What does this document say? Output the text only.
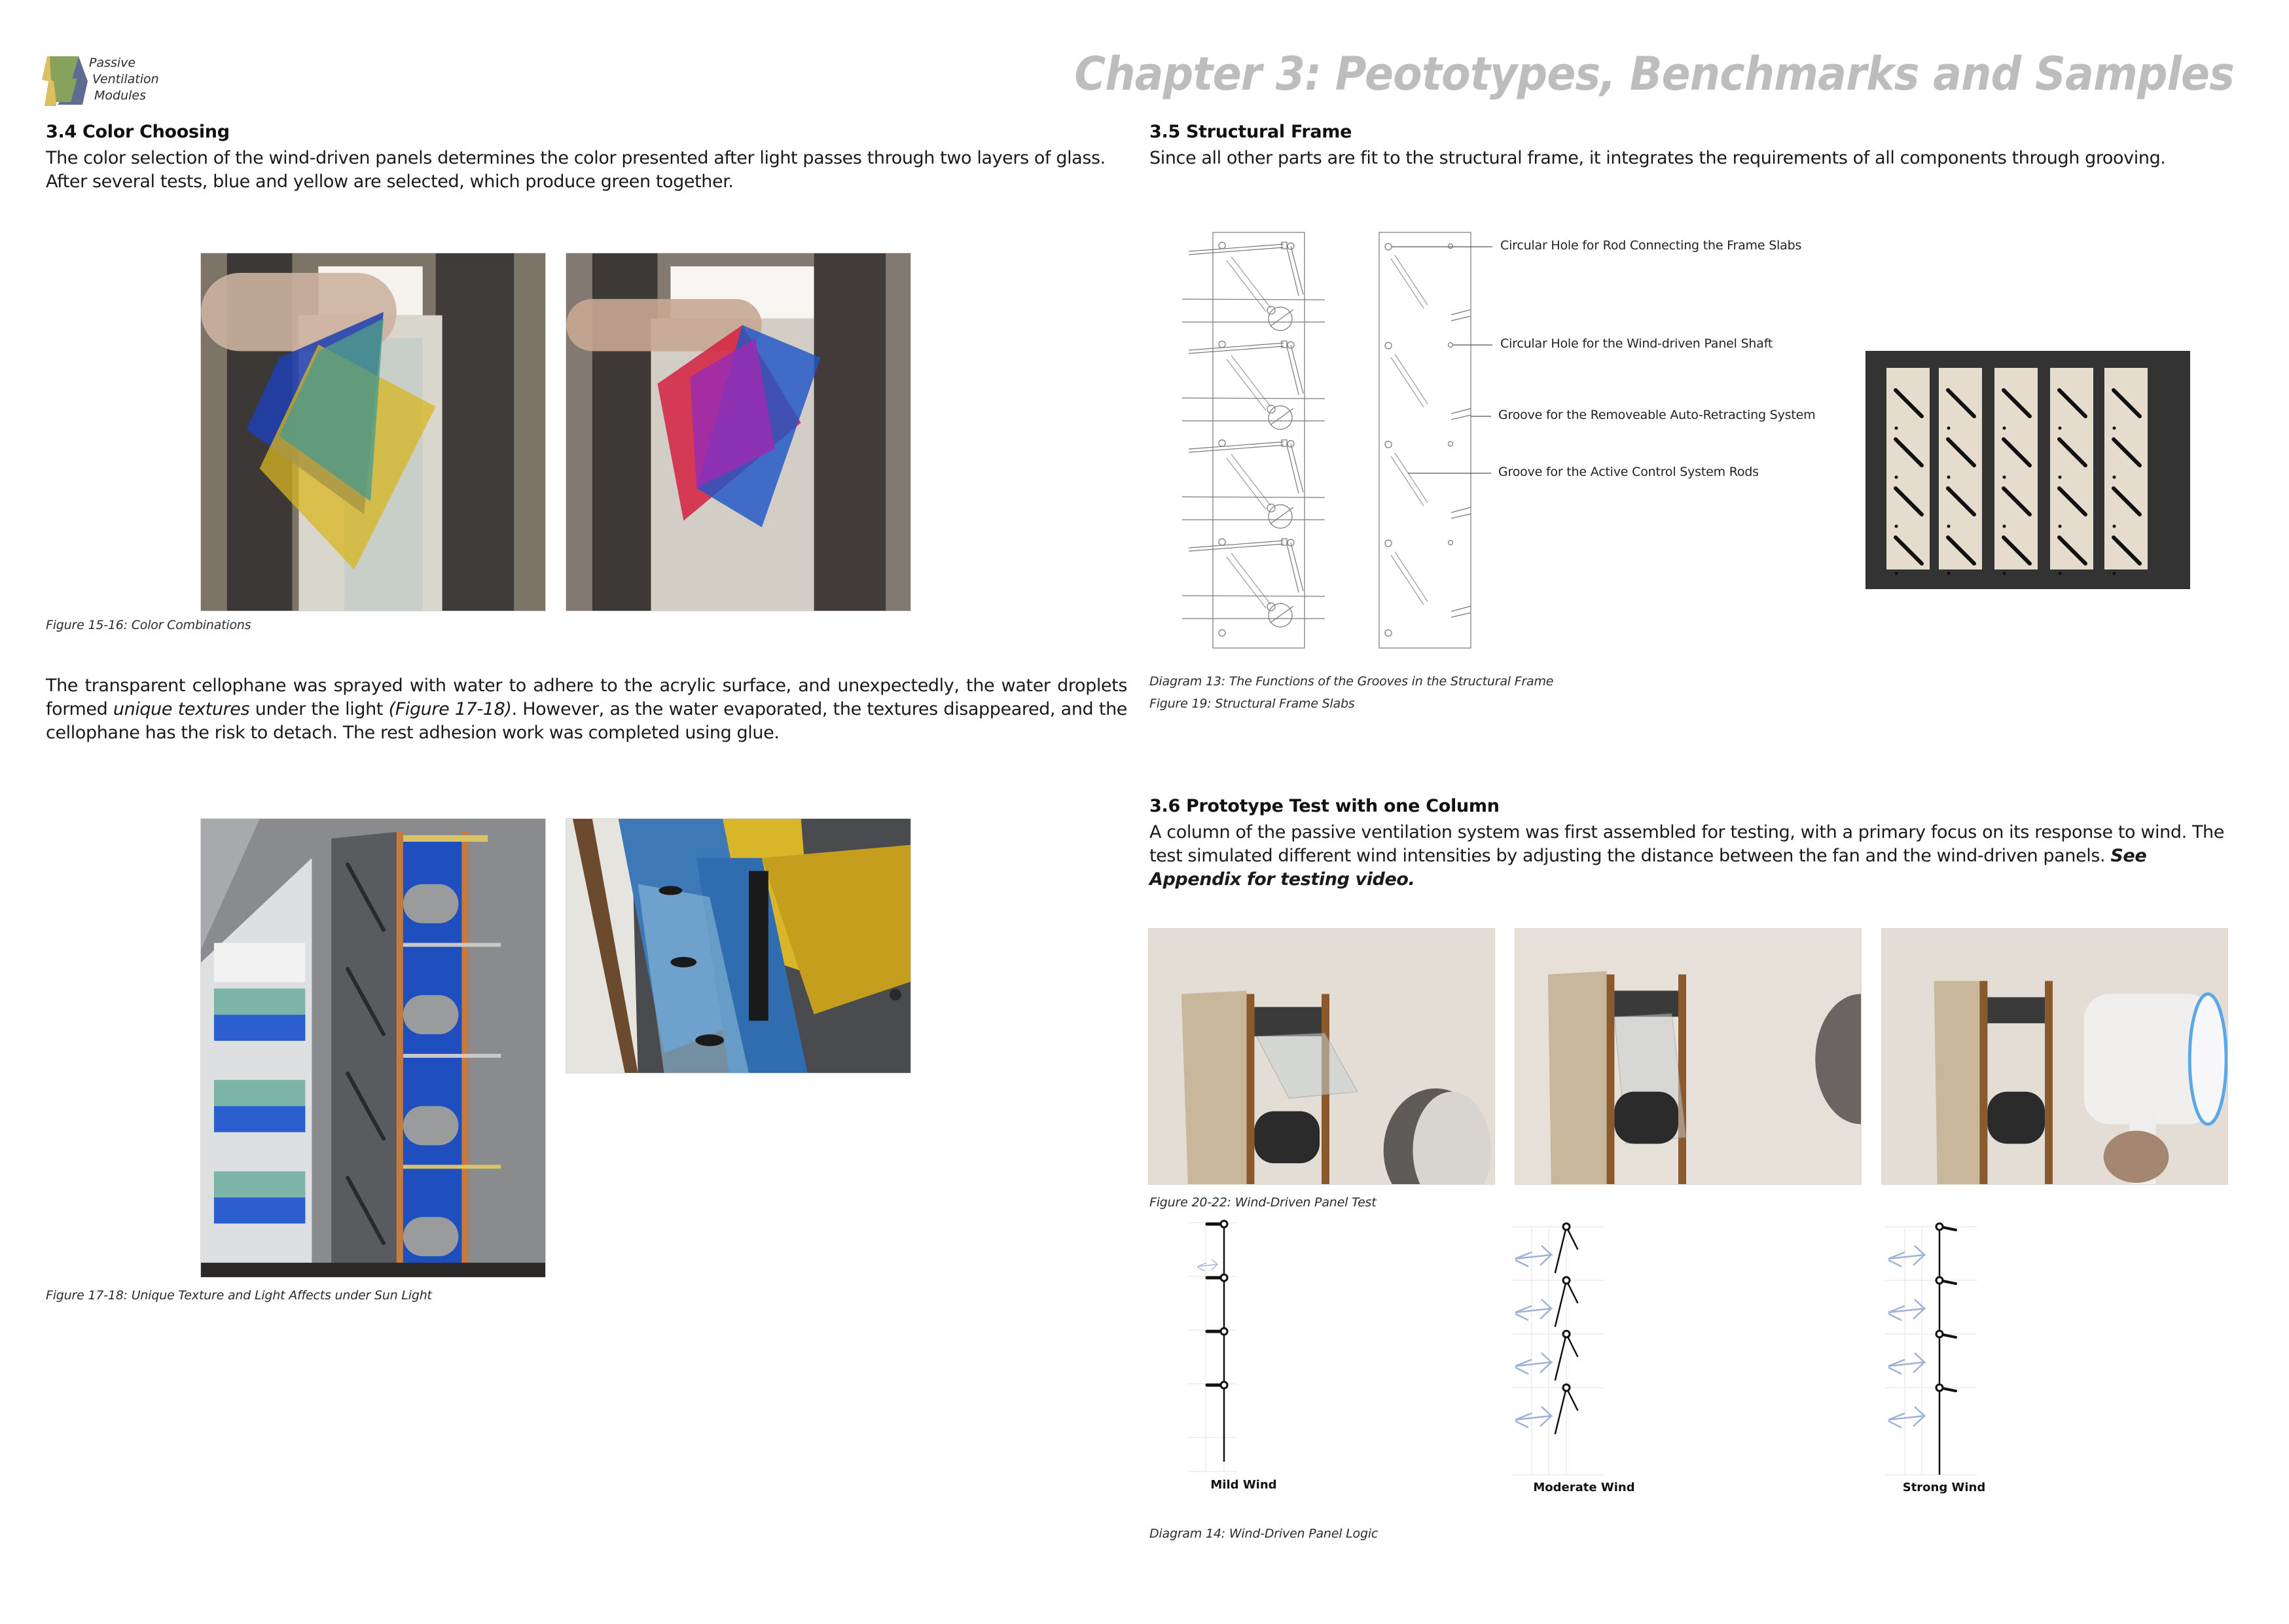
Passive
Ventilation
Modules	Chapter 3: Peototypes, Benchmarks and Samples
3.4 Color Choosing
The color selection of the wind-driven panels determines the color presented after light passes through two layers of glass. After several tests, blue and yellow are selected, which produce green together.
Figure 15-16: Color Combinations
The transparent cellophane was sprayed with water to adhere to the acrylic surface, and unexpectedly, the water droplets formed unique textures under the light (Figure 17-18). However, as the water evaporated, the textures disappeared, and the cellophane has the risk to detach. The rest adhesion work was completed using glue.
Figure 17-18: Unique Texture and Light Affects under Sun Light
3.5 Structural Frame
Since all other parts are fit to the structural frame, it integrates the requirements of all components through grooving.
Circular Hole for Rod Connecting the Frame Slabs
Circular Hole for the Wind-driven Panel Shaft
Groove for the Removeable Auto-Retracting System
Groove for the Active Control System Rods
Diagram 13: The Functions of the Grooves in the Structural Frame
Figure 19: Structural Frame Slabs
3.6 Prototype Test with one Column
A column of the passive ventilation system was first assembled for testing, with a primary focus on its response to wind. The test simulated different wind intensities by adjusting the distance between the fan and the wind-driven panels. See Appendix for testing video.
Figure 20-22: Wind-Driven Panel Test
Mild Wind	Moderate Wind	Strong Wind
Diagram 14: Wind-Driven Panel Logic
